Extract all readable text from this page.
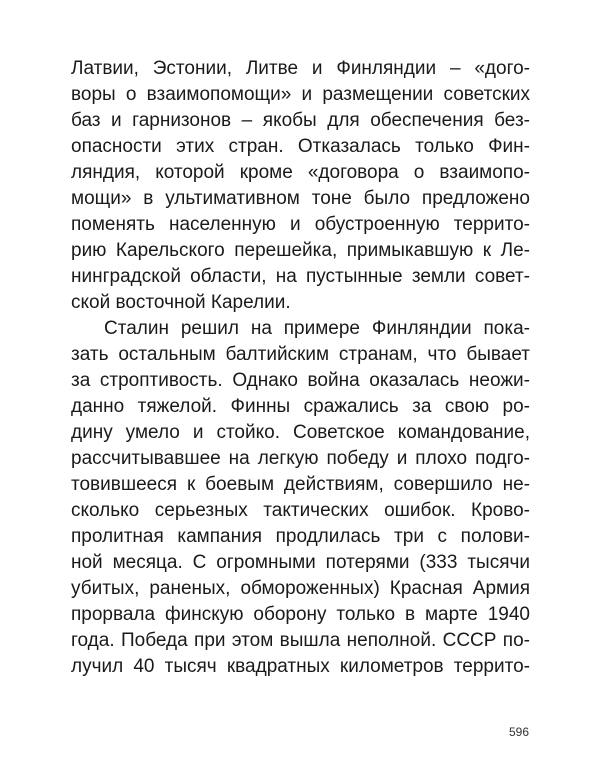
Латвии, Эстонии, Литве и Финляндии – «дого-
воры о взаимопомощи» и размещении советских
баз и гарнизонов – якобы для обеспечения без-
опасности этих стран. Отказалась только Фин-
ляндия, которой кроме «договора о взаимопо-
мощи» в ультимативном тоне было предложено
поменять населенную и обустроенную террито-
рию Карельского перешейка, примыкавшую к Ле-
нинградской области, на пустынные земли совет-
ской восточной Карелии.
Сталин решил на примере Финляндии пока-
зать остальным балтийским странам, что бывает
за строптивость. Однако война оказалась неожи-
данно тяжелой. Финны сражались за свою ро-
дину умело и стойко. Советское командование,
рассчитывавшее на легкую победу и плохо подго-
товившееся к боевым действиям, совершило не-
сколько серьезных тактических ошибок. Крово-
пролитная кампания продлилась три с полови-
ной месяца. С огромными потерями (333 тысячи
убитых, раненых, обмороженных) Красная Армия
прорвала финскую оборону только в марте 1940
года. Победа при этом вышла неполной. СССР по-
лучил 40 тысяч квадратных километров террито-
596
